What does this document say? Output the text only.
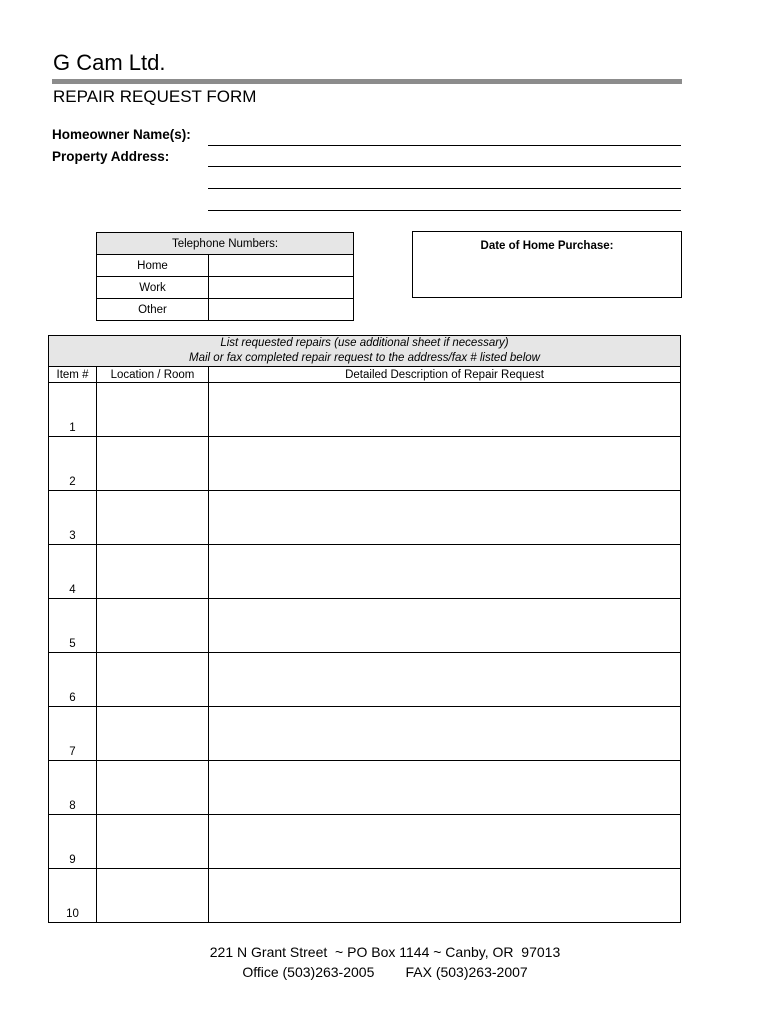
G Cam Ltd.
REPAIR REQUEST FORM
Homeowner Name(s):
Property Address:
Telephone Numbers:	
Home	
Work	
Other	
Date of Home Purchase:
List requested repairs (use additional sheet if necessary)
Mail or fax completed repair request to the address/fax # listed below		

Item #	Location / Room	Detailed Description of Repair Request
1		
2		
3		
4		
5		
6		
7		
8		
9		
10		
221 N Grant Street  ~ PO Box 1144 ~ Canby, OR  97013
Office (503)263-2005        FAX (503)263-2007
